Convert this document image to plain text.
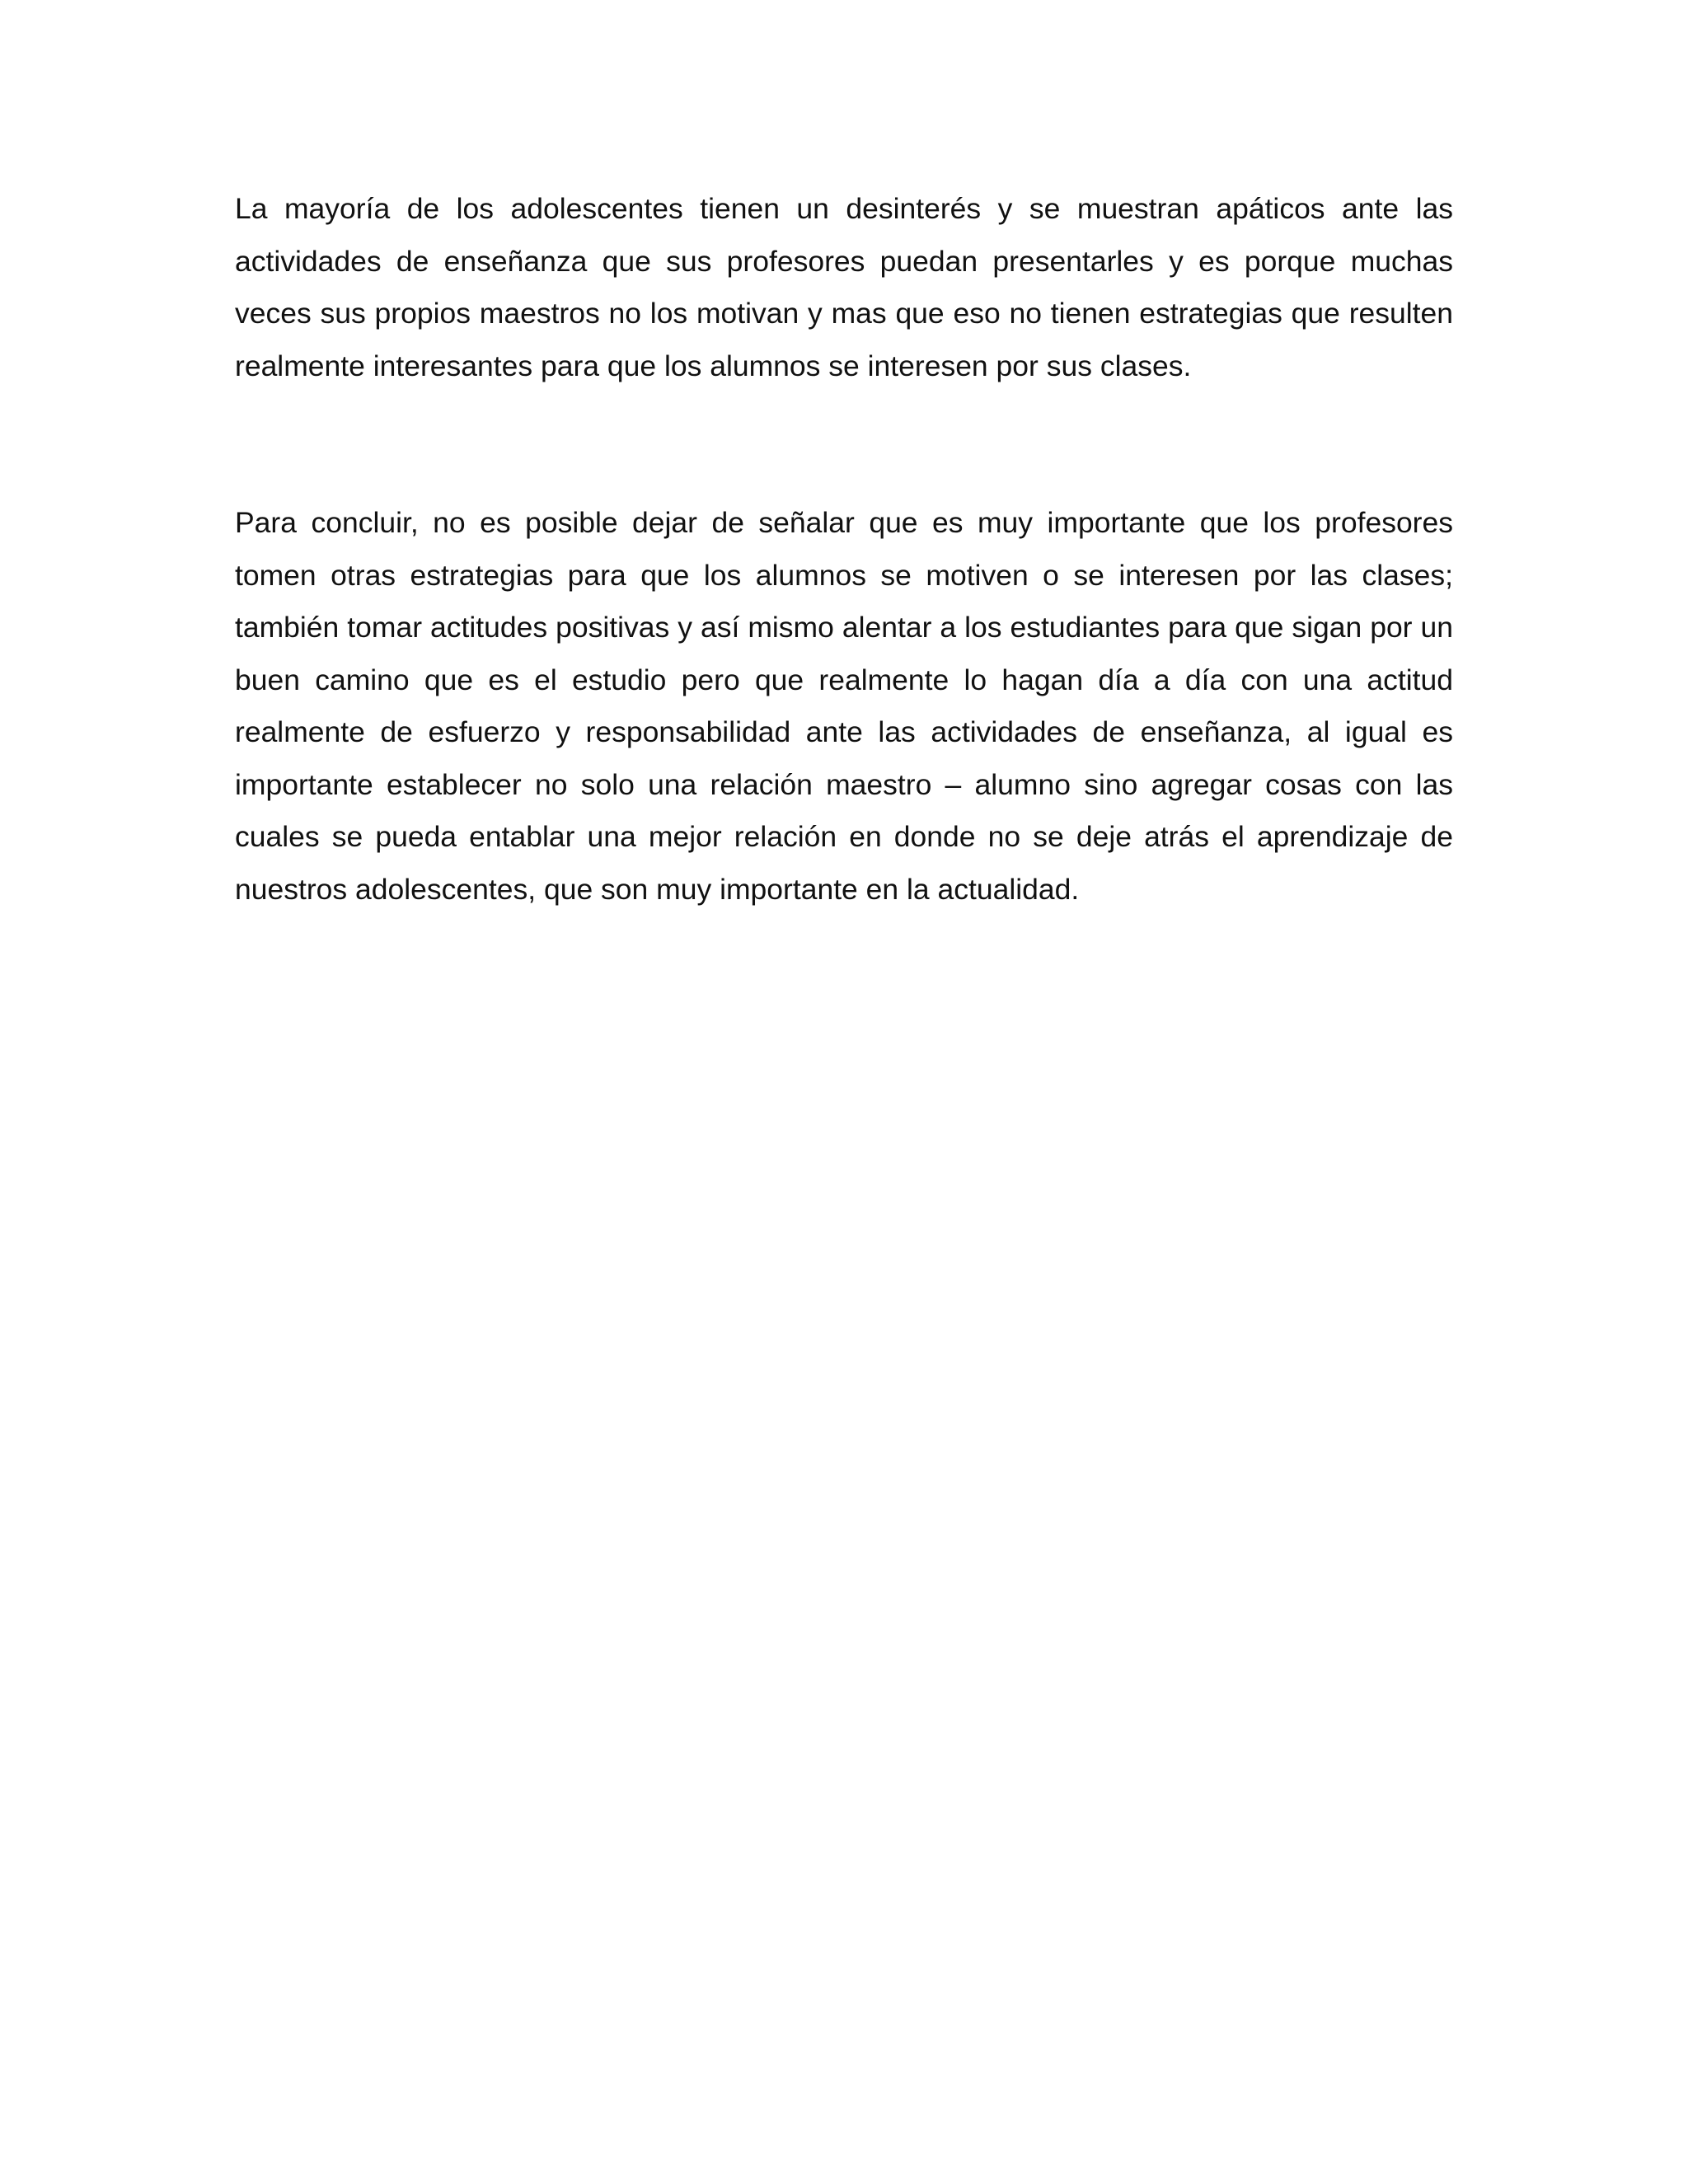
La mayoría de los adolescentes tienen un desinterés y se muestran apáticos ante las actividades de enseñanza que sus profesores puedan presentarles y es porque muchas veces sus propios maestros no los motivan y mas que eso no tienen estrategias que resulten realmente interesantes para que los alumnos se interesen por sus clases.

Para concluir, no es posible dejar de señalar que es muy importante que los profesores tomen otras estrategias para que los alumnos se motiven o se interesen por las clases; también tomar actitudes positivas y así mismo alentar a los estudiantes para que sigan por un buen camino que es el estudio pero que realmente lo hagan día a día con una actitud realmente de esfuerzo y responsabilidad ante las actividades de enseñanza, al igual es importante establecer no solo una relación maestro – alumno sino agregar cosas con las cuales se pueda entablar una mejor relación en donde no se deje atrás el aprendizaje de nuestros adolescentes, que son muy importante en la actualidad.
